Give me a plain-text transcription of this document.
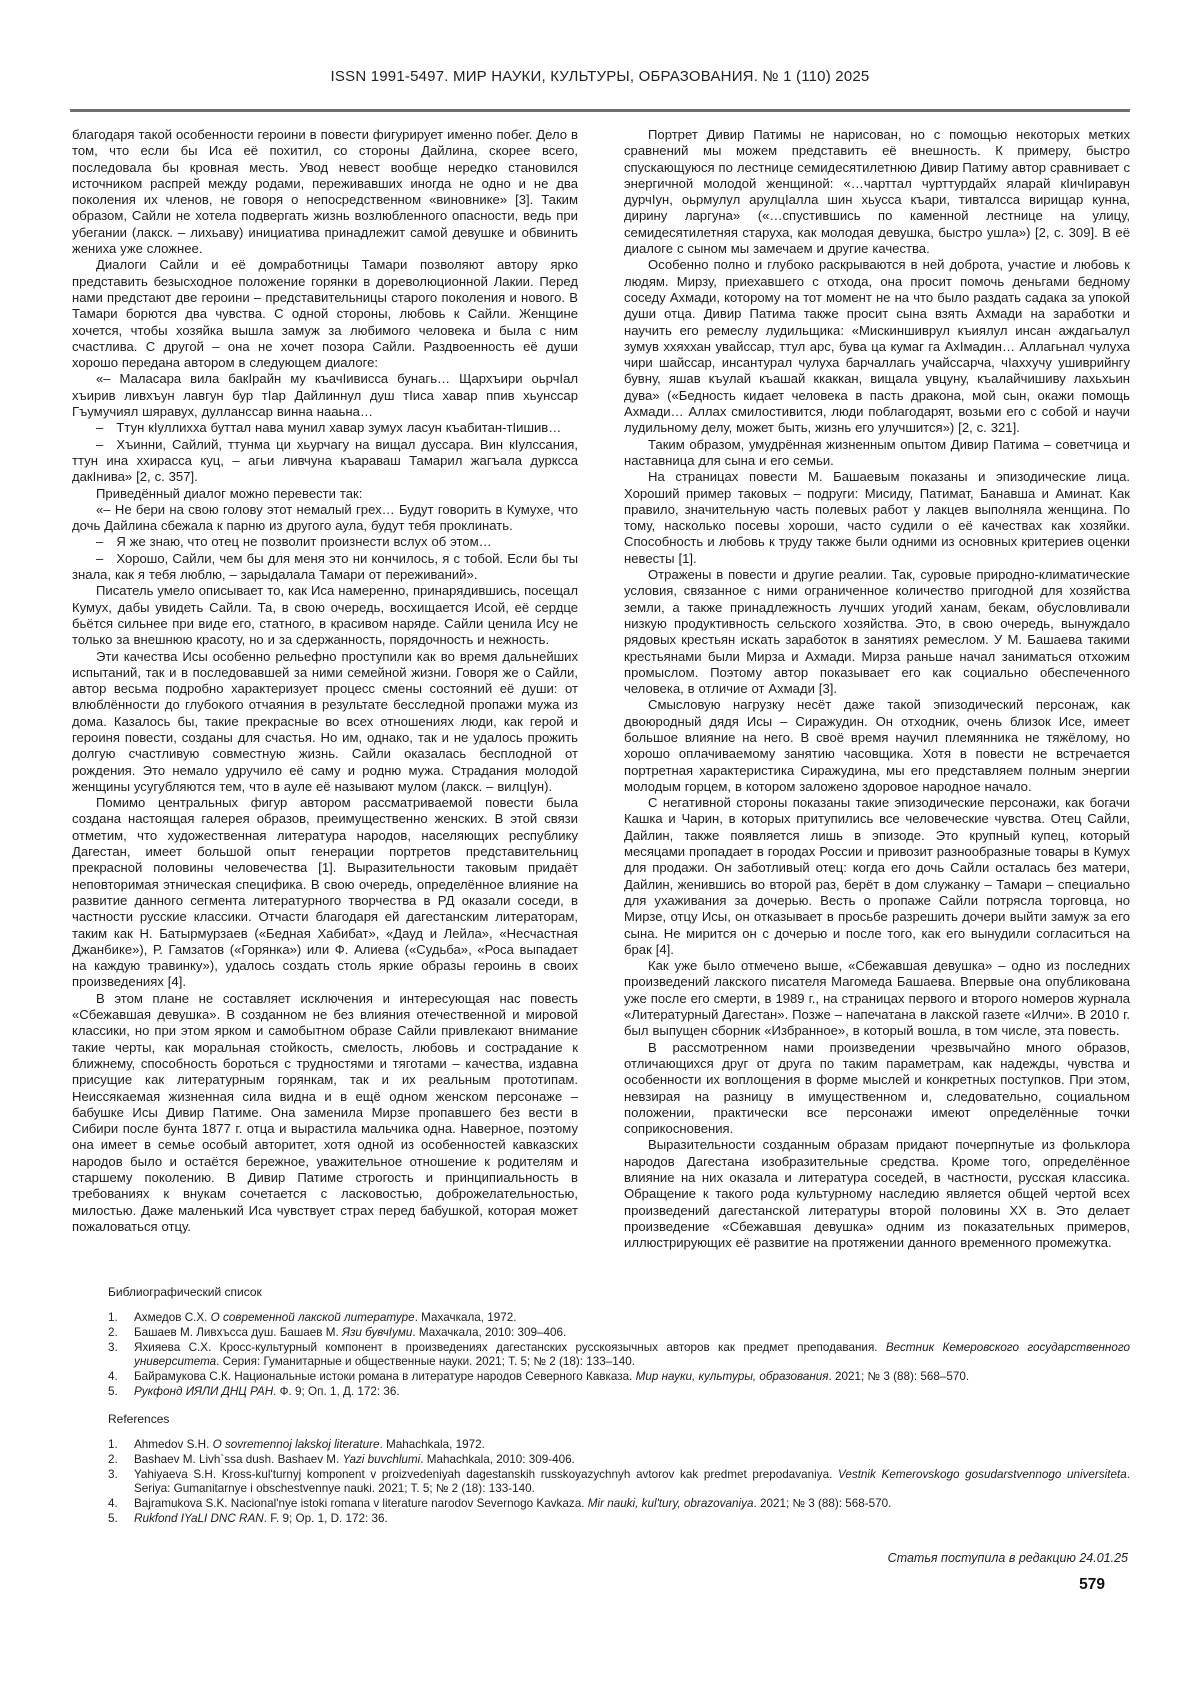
ISSN 1991-5497. МИР НАУКИ, КУЛЬТУРЫ, ОБРАЗОВАНИЯ. № 1 (110) 2025

благодаря такой особенности героини в повести фигурирует именно побег. Дело в том, что если бы Иса её похитил, со стороны Дайлина, скорее всего, последовала бы кровная месть. Увод невест вообще нередко становился источником распрей между родами, переживавших иногда не одно и не два поколения их членов, не говоря о непосредственном «виновнике» [3]. Таким образом, Сайли не хотела подвергать жизнь возлюбленного опасности, ведь при убегании (лакск. – лихьаву) инициатива принадлежит самой девушке и обвинить жениха уже сложнее.

Диалоги Сайли и её домработницы Тамари позволяют автору ярко представить безысходное положение горянки в дореволюционной Лакии. Перед нами предстают две героини – представительницы старого поколения и нового. В Тамари борются два чувства. С одной стороны, любовь к Сайли. Женщине хочется, чтобы хозяйка вышла замуж за любимого человека и была с ним счастлива. С другой – она не хочет позора Сайли. Раздвоенность её души хорошо передана автором в следующем диалоге:

«– Маласара вила бакІрайн му къачІивисса бунагь… Щархъири оьрчІал хъирив ливхъун лавгун бур тІар Дайлиннул душ тІиса хавар ппив хьунссар Гъумучиял шяравух, дулланссар винна нааьна…

– Ттун кІуллихха буттал нава мунил хавар зумух ласун къабитан-тІишив…

– Хъинни, Сайлий, ттунма ци хьурчагу на вищал дуссара. Вин кІулссания, ттун ина ххирасса куц, – агьи ливчуна къараваш Тамарил жагъала дурксса дакІнива» [2, с. 357].

Приведённый диалог можно перевести так:

«– Не бери на свою голову этот немалый грех… Будут говорить в Кумухе, что дочь Дайлина сбежала к парню из другого аула, будут тебя проклинать.

– Я же знаю, что отец не позволит произнести вслух об этом…

– Хорошо, Сайли, чем бы для меня это ни кончилось, я с тобой. Если бы ты знала, как я тебя люблю, – зарыдалала Тамари от переживаний».

Писатель умело описывает то, как Иса намеренно, принарядившись, посещал Кумух, дабы увидеть Сайли. Та, в свою очередь, восхищается Исой, её сердце бьётся сильнее при виде его, статного, в красивом наряде. Сайли ценила Ису не только за внешнюю красоту, но и за сдержанность, порядочность и нежность.

Эти качества Исы особенно рельефно проступили как во время дальнейших испытаний, так и в последовавшей за ними семейной жизни. Говоря же о Сайли, автор весьма подробно характеризует процесс смены состояний её души: от влюблённости до глубокого отчаяния в результате бесследной пропажи мужа из дома. Казалось бы, такие прекрасные во всех отношениях люди, как герой и героиня повести, созданы для счастья. Но им, однако, так и не удалось прожить долгую счастливую совместную жизнь. Сайли оказалась бесплодной от рождения. Это немало удручило её саму и родню мужа. Страдания молодой женщины усугубляются тем, что в ауле её называют мулом (лакск. – вилцІун).

Помимо центральных фигур автором рассматриваемой повести была создана настоящая галерея образов, преимущественно женских. В этой связи отметим, что художественная литература народов, населяющих республику Дагестан, имеет большой опыт генерации портретов представительниц прекрасной половины человечества [1]. Выразительности таковым придаёт неповторимая этническая специфика. В свою очередь, определённое влияние на развитие данного сегмента литературного творчества в РД оказали соседи, в частности русские классики. Отчасти благодаря ей дагестанским литераторам, таким как Н. Батырмурзаев («Бедная Хабибат», «Дауд и Лейла», «Несчастная Джанбике»), Р. Гамзатов («Горянка») или Ф. Алиева («Судьба», «Роса выпадает на каждую травинку»), удалось создать столь яркие образы героинь в своих произведениях [4].

В этом плане не составляет исключения и интересующая нас повесть «Сбежавшая девушка». В созданном не без влияния отечественной и мировой классики, но при этом ярком и самобытном образе Сайли привлекают внимание такие черты, как моральная стойкость, смелость, любовь и сострадание к ближнему, способность бороться с трудностями и тяготами – качества, издавна присущие как литературным горянкам, так и их реальным прототипам. Неиссякаемая жизненная сила видна и в ещё одном женском персонаже – бабушке Исы Дивир Патиме. Она заменила Мирзе пропавшего без вести в Сибири после бунта 1877 г. отца и вырастила мальчика одна. Наверное, поэтому она имеет в семье особый авторитет, хотя одной из особенностей кавказских народов было и остаётся бережное, уважительное отношение к родителям и старшему поколению. В Дивир Патиме строгость и принципиальность в требованиях к внукам сочетается с ласковостью, доброжелательностью, милостью. Даже маленький Иса чувствует страх перед бабушкой, которая может пожаловаться отцу.

Портрет Дивир Патимы не нарисован, но с помощью некоторых метких сравнений мы можем представить её внешность. К примеру, быстро спускающуюся по лестнице семидесятилетнюю Дивир Патиму автор сравнивает с энергичной молодой женщиной: «…чарттал чурттурдайх яларай кІичІиравун дурчІун, оьрмулул арулцІалла шин хьусса къари, тивталсса вирищар кунна, дирину ларгуна» («…спустившись по каменной лестнице на улицу, семидесятилетняя старуха, как молодая девушка, быстро ушла») [2, с. 309]. В её диалоге с сыном мы замечаем и другие качества.

Особенно полно и глубоко раскрываются в ней доброта, участие и любовь к людям. Мирзу, приехавшего с отхода, она просит помочь деньгами бедному соседу Ахмади, которому на тот момент не на что было раздать садака за упокой души отца. Дивир Патима также просит сына взять Ахмади на заработки и научить его ремеслу лудильщика: «Мискиншиврул къиялул инсан аждагьалул зумув ххяххан увайссар, ттул арс, бува ца кумаг га АхІмадин… Аллагьнал чулуха чири шайссар, инсантурал чулуха барчаллагь учайссарча, чІаххучу ушиврийнгу бувну, яшав къулай къашай ккаккан, вищала увцуну, къалайчишиву лахьхьин дува» («Бедность кидает человека в пасть дракона, мой сын, окажи помощь Ахмади… Аллах смилостивится, люди поблагодарят, возьми его с собой и научи лудильному делу, может быть, жизнь его улучшится») [2, с. 321].

Таким образом, умудрённая жизненным опытом Дивир Патима – советчица и наставница для сына и его семьи.

На страницах повести М. Башаевым показаны и эпизодические лица. Хороший пример таковых – подруги: Мисиду, Патимат, Банавша и Аминат. Как правило, значительную часть полевых работ у лакцев выполняла женщина. По тому, насколько посевы хороши, часто судили о её качествах как хозяйки. Способность и любовь к труду также были одними из основных критериев оценки невесты [1].

Отражены в повести и другие реалии. Так, суровые природно-климатические условия, связанное с ними ограниченное количество пригодной для хозяйства земли, а также принадлежность лучших угодий ханам, бекам, обусловливали низкую продуктивность сельского хозяйства. Это, в свою очередь, вынуждало рядовых крестьян искать заработок в занятиях ремеслом. У М. Башаева такими крестьянами были Мирза и Ахмади. Мирза раньше начал заниматься отхожим промыслом. Поэтому автор показывает его как социально обеспеченного человека, в отличие от Ахмади [3].

Смысловую нагрузку несёт даже такой эпизодический персонаж, как двоюродный дядя Исы – Сиражудин. Он отходник, очень близок Исе, имеет большое влияние на него. В своё время научил племянника не тяжёлому, но хорошо оплачиваемому занятию часовщика. Хотя в повести не встречается портретная характеристика Сиражудина, мы его представляем полным энергии молодым горцем, в котором заложено здоровое народное начало.

С негативной стороны показаны такие эпизодические персонажи, как богачи Кашка и Чарин, в которых притупились все человеческие чувства. Отец Сайли, Дайлин, также появляется лишь в эпизоде. Это крупный купец, который месяцами пропадает в городах России и привозит разнообразные товары в Кумух для продажи. Он заботливый отец: когда его дочь Сайли осталась без матери, Дайлин, женившись во второй раз, берёт в дом служанку – Тамари – специально для ухаживания за дочерью. Весть о пропаже Сайли потрясла торговца, но Мирзе, отцу Исы, он отказывает в просьбе разрешить дочери выйти замуж за его сына. Не мирится он с дочерью и после того, как его вынудили согласиться на брак [4].

Как уже было отмечено выше, «Сбежавшая девушка» – одно из последних произведений лакского писателя Магомеда Башаева. Впервые она опубликована уже после его смерти, в 1989 г., на страницах первого и второго номеров журнала «Литературный Дагестан». Позже – напечатана в лакской газете «Илчи». В 2010 г. был выпущен сборник «Избранное», в который вошла, в том числе, эта повесть.

В рассмотренном нами произведении чрезвычайно много образов, отличающихся друг от друга по таким параметрам, как надежды, чувства и особенности их воплощения в форме мыслей и конкретных поступков. При этом, невзирая на разницу в имущественном и, следовательно, социальном положении, практически все персонажи имеют определённые точки соприкосновения.

Выразительности созданным образам придают почерпнутые из фольклора народов Дагестана изобразительные средства. Кроме того, определённое влияние на них оказала и литература соседей, в частности, русская классика. Обращение к такого рода культурному наследию является общей чертой всех произведений дагестанской литературы второй половины ХХ в. Это делает произведение «Сбежавшая девушка» одним из показательных примеров, иллюстрирующих её развитие на протяжении данного временного промежутка.

Библиографический список

1.	Ахмедов С.Х. О современной лакской литературе. Махачкала, 1972.
2.	Башаев М. Ливхъсса душ. Башаев М. Язи бувчІуми. Махачкала, 2010: 309–406.
3.	Яхияева С.Х. Кросс-культурный компонент в произведениях дагестанских русскоязычных авторов как предмет преподавания. Вестник Кемеровского государственного университета. Серия: Гуманитарные и общественные науки. 2021; Т. 5; № 2 (18): 133–140.
4.	Байрамукова С.К. Национальные истоки романа в литературе народов Северного Кавказа. Мир науки, культуры, образования. 2021; № 3 (88): 568–570.
5.	Рукфонд ИЯЛИ ДНЦ РАН. Ф. 9; Оп. 1, Д. 172: 36.

References

1.	Ahmedov S.H. O sovremennoj lakskoj literature. Mahachkala, 1972.
2.	Bashaev M. Livh`ssa dush. Bashaev M. Yazi buvchlumi. Mahachkala, 2010: 309-406.
3.	Yahiyaeva S.H. Kross-kul'turnyj komponent v proizvedeniyah dagestanskih russkoyazychnyh avtorov kak predmet prepodavaniya. Vestnik Kemerovskogo gosudarstvennogo universiteta. Seriya: Gumanitarnye i obschestvennye nauki. 2021; T. 5; № 2 (18): 133-140.
4.	Bajramukova S.K. Nacional'nye istoki romana v literature narodov Severnogo Kavkaza. Mir nauki, kul'tury, obrazovaniya. 2021; № 3 (88): 568-570.
5.	Rukfond IYaLI DNC RAN. F. 9; Op. 1, D. 172: 36.
Статья поступила в редакцию 24.01.25
579
